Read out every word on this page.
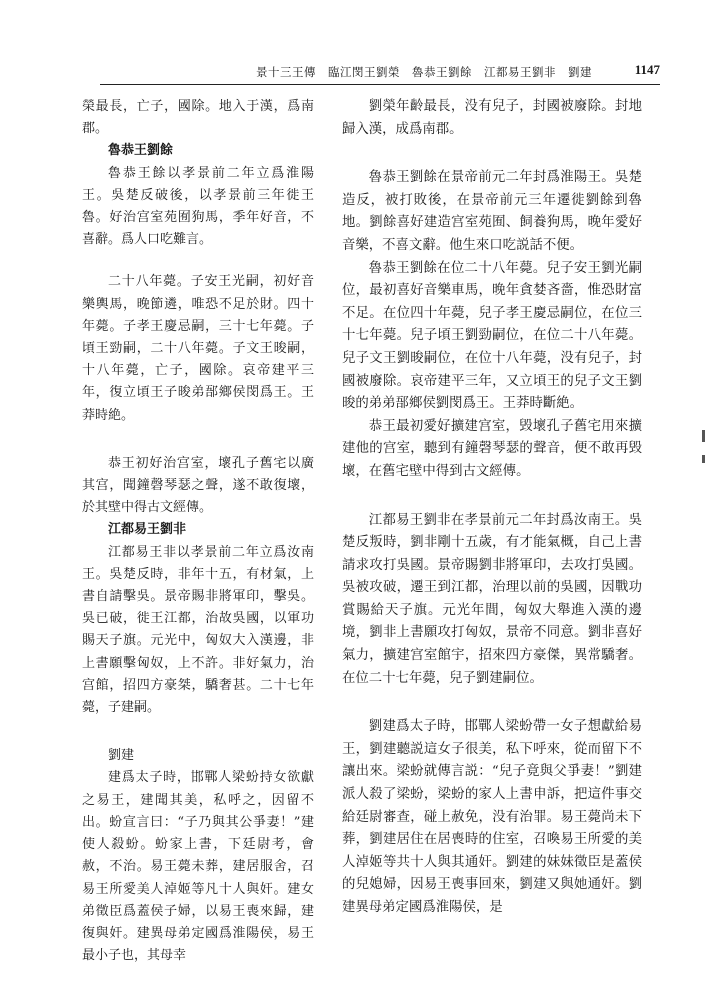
景十三王傳　臨江閔王劉榮　魯恭王劉餘　江都易王劉非　劉建	1147

榮最長，亡子，國除。地入于漢，爲南郡。

魯恭王劉餘

魯恭王餘以孝景前二年立爲淮陽王。吳楚反破後，以孝景前三年徙王魯。好治宫室苑囿狗馬，季年好音，不喜辭。爲人口吃難言。

二十八年薨。子安王光嗣，初好音樂輿馬，晚節遴，唯恐不足於財。四十年薨。子孝王慶忌嗣，三十七年薨。子頃王勁嗣，二十八年薨。子文王晙嗣，十八年薨，亡子，國除。哀帝建平三年，復立頃王子晙弟郚鄉侯閔爲王。王莽時絶。

恭王初好治宫室，壞孔子舊宅以廣其宫，聞鐘磬琴瑟之聲，遂不敢復壞，於其壁中得古文經傳。

江都易王劉非

江都易王非以孝景前二年立爲汝南王。吳楚反時，非年十五，有材氣，上書自請擊吳。景帝賜非將軍印，擊吳。吳已破，徙王江都，治故吳國，以軍功賜天子旗。元光中，匈奴大入漢邊，非上書願擊匈奴，上不許。非好氣力，治宫館，招四方豪桀，驕奢甚。二十七年薨，子建嗣。

劉建

建爲太子時，邯鄲人梁蚡持女欲獻之易王，建聞其美，私呼之，因留不出。蚡宣言曰：“子乃與其公爭妻！”建使人殺蚡。蚡家上書，下廷尉考，會赦，不治。易王薨未葬，建居服舍，召易王所愛美人淖姬等凡十人與奸。建女弟徵臣爲蓋侯子婦，以易王喪來歸，建復與奸。建異母弟定國爲淮陽侯，易王最小子也，其母幸

劉榮年齡最長，没有兒子，封國被廢除。封地歸入漢，成爲南郡。

魯恭王劉餘在景帝前元二年封爲淮陽王。吳楚造反，被打敗後，在景帝前元三年遷徙劉餘到魯地。劉餘喜好建造宫室苑囿、飼養狗馬，晚年愛好音樂，不喜文辭。他生來口吃説話不便。

魯恭王劉餘在位二十八年薨。兒子安王劉光嗣位，最初喜好音樂車馬，晚年貪婪吝嗇，惟恐財富不足。在位四十年薨，兒子孝王慶忌嗣位，在位三十七年薨。兒子頃王劉勁嗣位，在位二十八年薨。兒子文王劉晙嗣位，在位十八年薨，没有兒子，封國被廢除。哀帝建平三年，又立頃王的兒子文王劉晙的弟弟郚鄉侯劉閔爲王。王莽時斷絶。

恭王最初愛好擴建宫室，毁壞孔子舊宅用來擴建他的宫室，聽到有鐘磬琴瑟的聲音，便不敢再毁壞，在舊宅壁中得到古文經傳。

江都易王劉非在孝景前元二年封爲汝南王。吳楚反叛時，劉非剛十五歲，有才能氣概，自己上書請求攻打吳國。景帝賜劉非將軍印，去攻打吳國。吳被攻破，遷王到江都，治理以前的吳國，因戰功賞賜給天子旗。元光年間，匈奴大舉進入漢的邊境，劉非上書願攻打匈奴，景帝不同意。劉非喜好氣力，擴建宫室館宇，招來四方豪傑，異常驕奢。在位二十七年薨，兒子劉建嗣位。

劉建爲太子時，邯鄲人梁蚡帶一女子想獻給易王，劉建聽説這女子很美，私下呼來，從而留下不讓出來。梁蚡就傳言説：“兒子竟與父爭妻！”劉建派人殺了梁蚡，梁蚡的家人上書申訴，把這件事交給廷尉審查，碰上赦免，没有治罪。易王薨尚未下葬，劉建居住在居喪時的住室，召喚易王所愛的美人淖姬等共十人與其通奸。劉建的妹妹徵臣是蓋侯的兒媳婦，因易王喪事回來，劉建又與她通奸。劉建異母弟定國爲淮陽侯，是
